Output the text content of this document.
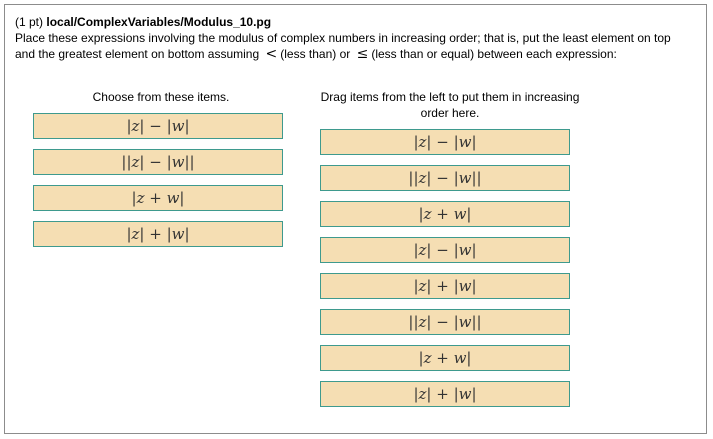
(1 pt) local/ComplexVariables/Modulus_10.pg
Place these expressions involving the modulus of complex numbers in increasing order; that is, put the least element on top
and the greatest element on bottom assuming < (less than) or ≤ (less than or equal) between each expression:
Choose from these items.	Drag items from the left to put them in increasing
order here.
|z| − |w|
||z| − |w||
|z + w|
|z| + |w|
|z| − |w|
||z| − |w||
|z + w|
|z| − |w|
|z| + |w|
||z| − |w||
|z + w|
|z| + |w|
